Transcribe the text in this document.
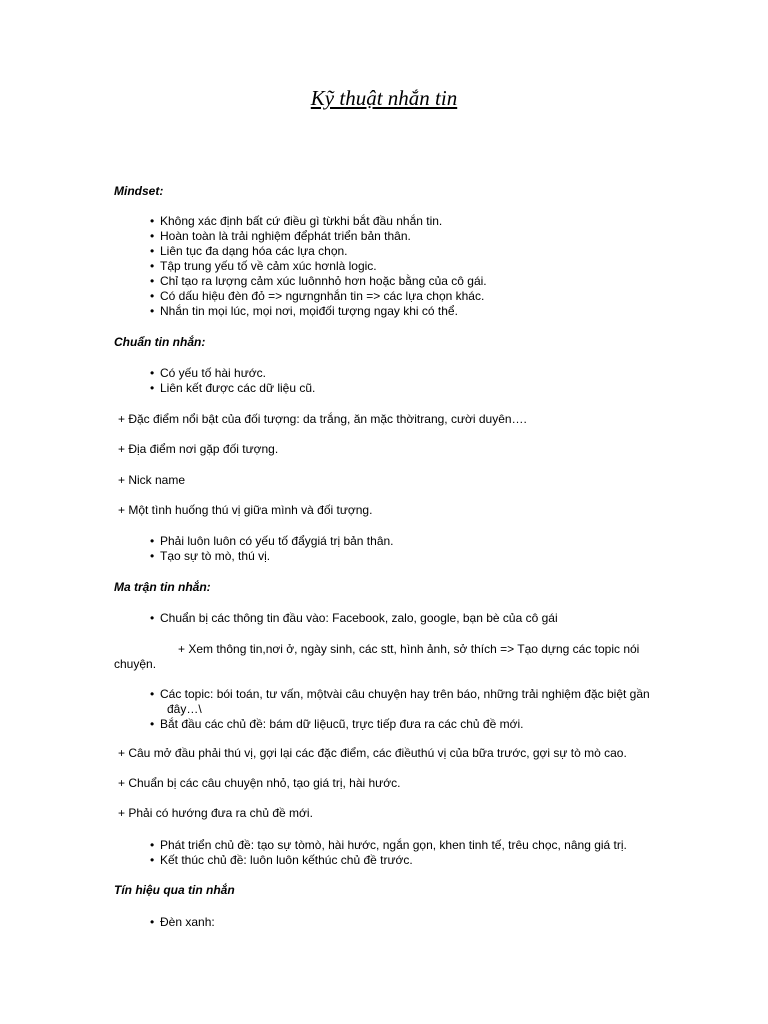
Kỹ thuật nhắn tin
Mindset:
• Không xác định bất cứ điều gì từkhi bắt đầu nhắn tin.
• Hoàn toàn là trải nghiệm đểphát triển bản thân.
• Liên tục đa dạng hóa các lựa chọn.
• Tập trung yếu tố về cảm xúc hơnlà logic.
• Chỉ tạo ra lượng cảm xúc luônnhỏ hơn hoặc bằng của cô gái.
• Có dấu hiệu đèn đỏ => ngưngnhắn tin => các lựa chọn khác.
• Nhắn tin mọi lúc, mọi nơi, mọiđối tượng ngay khi có thể.
Chuẩn tin nhắn:
• Có yếu tố hài hước.
• Liên kết được các dữ liệu cũ.
+ Đặc điểm nổi bật của đối tượng: da trắng, ăn mặc thờitrang, cười duyên….
+ Địa điểm nơi gặp đối tượng.
+ Nick name
+ Một tình huống thú vị giữa mình và đối tượng.
• Phải luôn luôn có yếu tố đẩygiá trị bản thân.
• Tạo sự tò mò, thú vị.
Ma trận tin nhắn:
• Chuẩn bị các thông tin đầu vào: Facebook, zalo, google, bạn bè của cô gái
+ Xem thông tin,nơi ở, ngày sinh, các stt, hình ảnh, sở thích => Tạo dựng các topic nói
chuyện.
• Các topic: bói toán, tư vấn, mộtvài câu chuyện hay trên báo, những trải nghiệm đặc biệt gần
đây…\
• Bắt đầu các chủ đề: bám dữ liệucũ, trực tiếp đưa ra các chủ đề mới.
+ Câu mở đầu phải thú vị, gợi lại các đặc điểm, các điềuthú vị của bữa trước, gợi sự tò mò cao.
+ Chuẩn bị các câu chuyện nhỏ, tạo giá trị, hài hước.
+ Phải có hướng đưa ra chủ đề mới.
• Phát triển chủ đề: tạo sự tòmò, hài hước, ngắn gọn, khen tinh tế, trêu chọc, nâng giá trị.
• Kết thúc chủ đề: luôn luôn kếthúc chủ đề trước.
Tín hiệu qua tin nhắn
• Đèn xanh:
